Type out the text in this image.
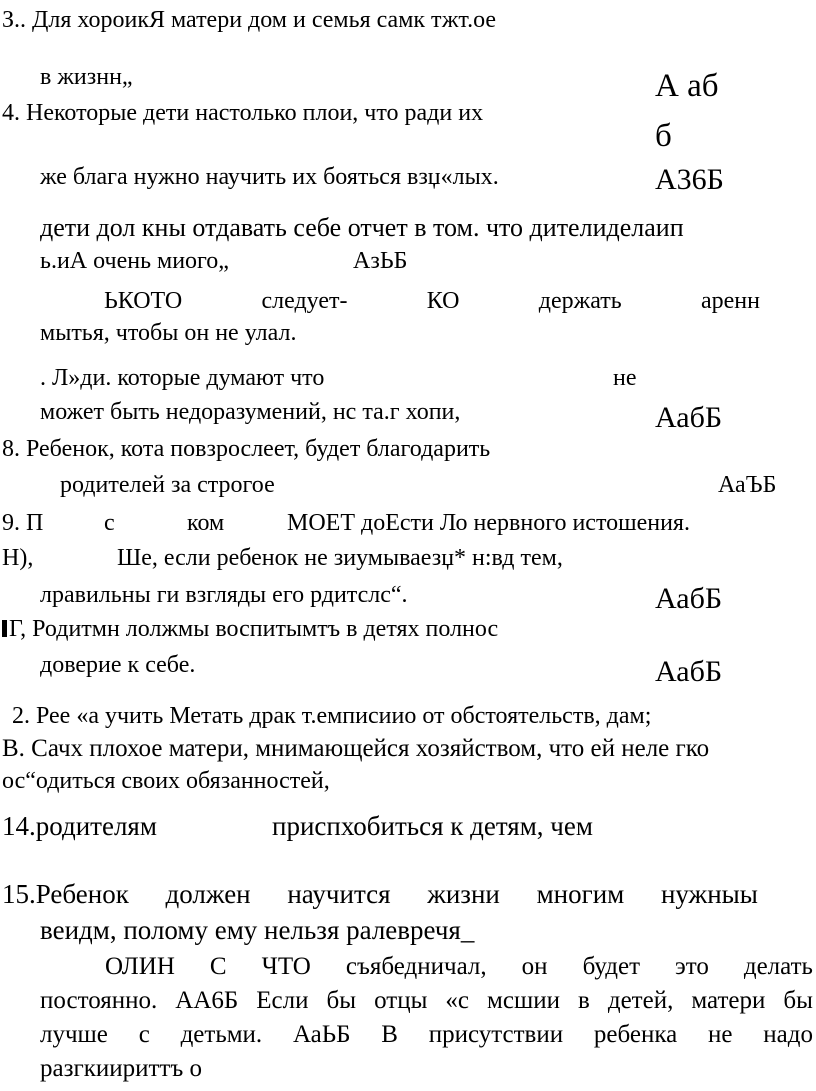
З.. Для хороикЯ матери дом и семья самк тжт.ое
в жизнн„	А аб
4. Некоторые дети настолько плои, что ради их
б
же блага нужно научить их бояться взџ«лых.	А36Б
дети дол кны отдавать себе отчет в том. что дителиделаип
ь.иА очень миого„	АзЬБ
ЬКОТО	следует-	КО	держать	аренн
мытья, чтобы он не улал.
. Л»ди. которые думают что	не
может быть недоразумений, нс та.г хопи,	АабБ
8. Ребенок, кота повзрослеет, будет благодарить
родителей за строгое	АаЪБ
9. П	с	ком	МОЕТ доЕсти Ло нервного истошения.
Н),	Ше, если ребенок не зиумываезџ* н:вд тем,
лравильны ги взгляды его рдитслс“.	АабБ
Г, Родитмн лолжмы воспитымтъ в детях полнос
доверие к себе.	АабБ
2. Рее «а учить Метать драк т.емписиио от обстоятельств, дам;
В. Сачх плохое матери, мнимающейся хозяйством, что ей неле гко
ос“одиться своих обязанностей,
14.родителям	приспхобиться к детям, чем
15.Ребенок должен научится жизни многим нужныы
веидм, полому ему нельзя ралевречя_
ОЛИН С ЧТО съябедничал, он будет это делать
постоянно. АА6Б Если бы отцы «с мсшии в детей, матери бы
лучше с детьми. АаЬБ В присутствии ребенка не надо
разгкиириттъ о
